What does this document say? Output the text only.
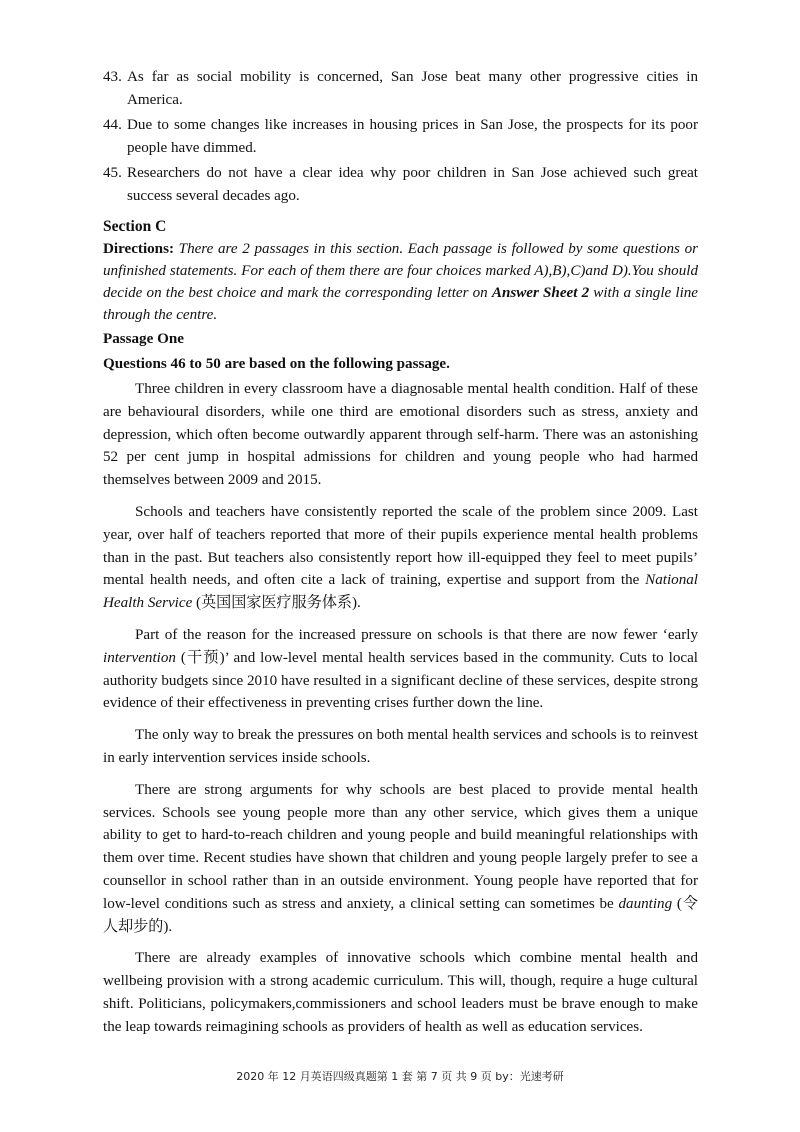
43. As far as social mobility is concerned, San Jose beat many other progressive cities in America.
44. Due to some changes like increases in housing prices in San Jose, the prospects for its poor people have dimmed.
45. Researchers do not have a clear idea why poor children in San Jose achieved such great success several decades ago.
Section C
Directions: There are 2 passages in this section. Each passage is followed by some questions or unfinished statements. For each of them there are four choices marked A),B),C)and D).You should decide on the best choice and mark the corresponding letter on Answer Sheet 2 with a single line through the centre.
Passage One
Questions 46 to 50 are based on the following passage.
Three children in every classroom have a diagnosable mental health condition. Half of these are behavioural disorders, while one third are emotional disorders such as stress, anxiety and depression, which often become outwardly apparent through self-harm. There was an astonishing 52 per cent jump in hospital admissions for children and young people who had harmed themselves between 2009 and 2015.
Schools and teachers have consistently reported the scale of the problem since 2009. Last year, over half of teachers reported that more of their pupils experience mental health problems than in the past. But teachers also consistently report how ill-equipped they feel to meet pupils’ mental health needs, and often cite a lack of training, expertise and support from the National Health Service (英国国家医疗服务体系).
Part of the reason for the increased pressure on schools is that there are now fewer ‘early intervention (干预)’ and low-level mental health services based in the community. Cuts to local authority budgets since 2010 have resulted in a significant decline of these services, despite strong evidence of their effectiveness in preventing crises further down the line.
The only way to break the pressures on both mental health services and schools is to reinvest in early intervention services inside schools.
There are strong arguments for why schools are best placed to provide mental health services. Schools see young people more than any other service, which gives them a unique ability to get to hard-to-reach children and young people and build meaningful relationships with them over time. Recent studies have shown that children and young people largely prefer to see a counsellor in school rather than in an outside environment. Young people have reported that for low-level conditions such as stress and anxiety, a clinical setting can sometimes be daunting (令人却步的).
There are already examples of innovative schools which combine mental health and wellbeing provision with a strong academic curriculum. This will, though, require a huge cultural shift. Politicians, policymakers,commissioners and school leaders must be brave enough to make the leap towards reimagining schools as providers of health as well as education services.
2020 年 12 月英语四级真题第 1 套 第 7 页 共 9 页 by：光速考研
